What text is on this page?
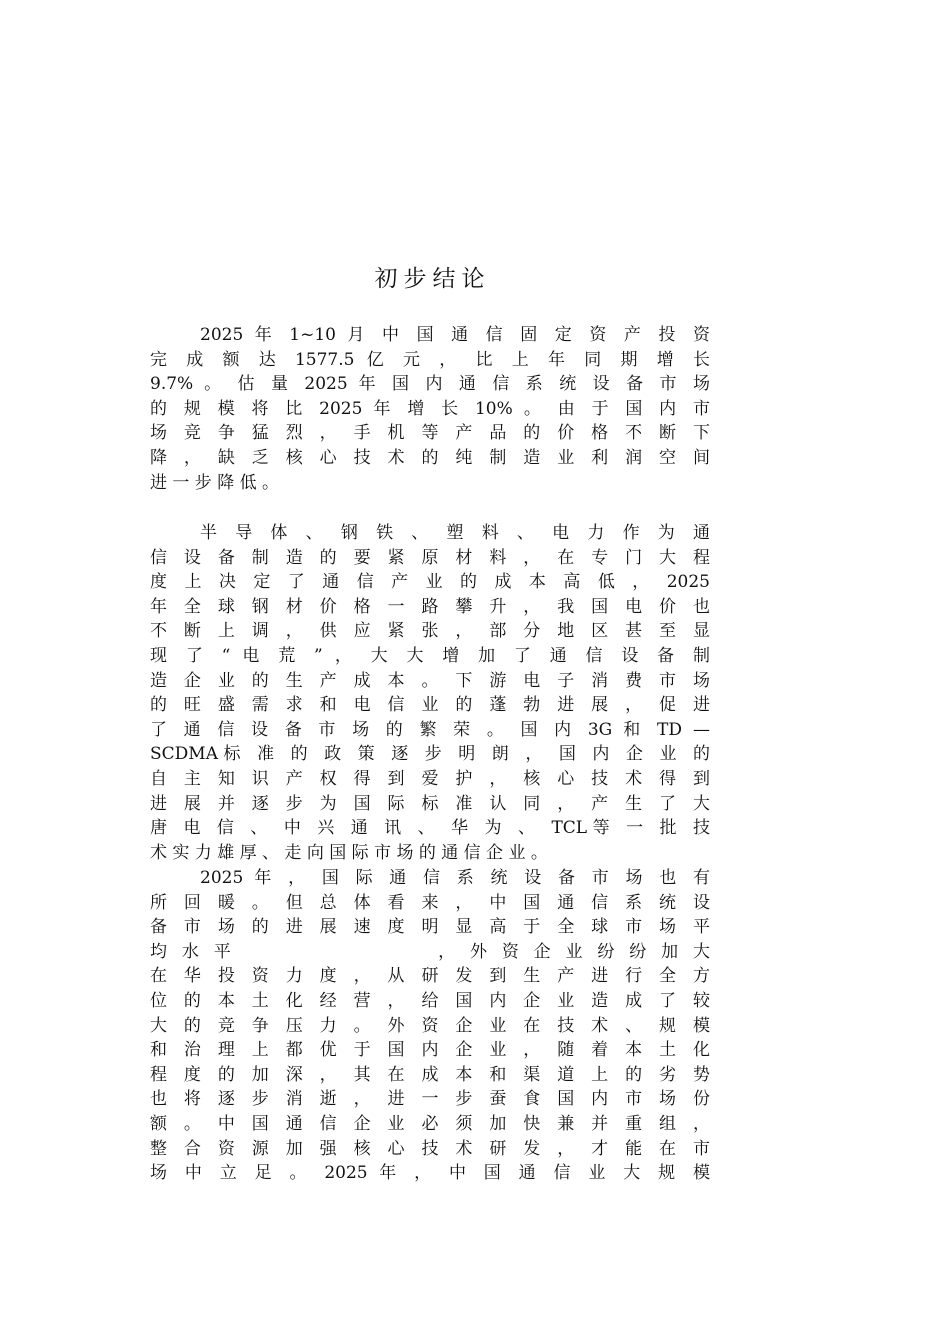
初步结论
2025 年 1~10 月 中 国 通 信 固 定 资 产 投 资
完 成 额 达 1577.5 亿 元 ， 比 上 年 同 期 增 长
9.7% 。 估 量 2025 年 国 内 通 信 系 统 设 备 市 场
的 规 模 将 比 2025 年 增 长 10% 。 由 于 国 内 市
场 竞 争 猛 烈 ， 手 机 等 产 品 的 价 格 不 断 下
降 ， 缺 乏 核 心 技 术 的 纯 制 造 业 利 润 空 间
进 一 步 降 低 。
半 导 体 、 钢 铁 、 塑 料 、 电 力 作 为 通
信 设 备 制 造 的 要 紧 原 材 料 ， 在 专 门 大 程
度 上 决 定 了 通 信 产 业 的 成 本 高 低 ， 2025
年 全 球 钢 材 价 格 一 路 攀 升 ， 我 国 电 价 也
不 断 上 调 ， 供 应 紧 张 ， 部 分 地 区 甚 至 显
现 了 “ 电 荒 ” ， 大 大 增 加 了 通 信 设 备 制
造 企 业 的 生 产 成 本 。 下 游 电 子 消 费 市 场
的 旺 盛 需 求 和 电 信 业 的 蓬 勃 进 展 ， 促 进
了 通 信 设 备 市 场 的 繁 荣 。 国 内 3G 和 TD —
SCDMA标 准 的 政 策 逐 步 明 朗 ， 国 内 企 业 的
自 主 知 识 产 权 得 到 爱 护 ， 核 心 技 术 得 到
进 展 并 逐 步 为 国 际 标 准 认 同 ， 产 生 了 大
唐 电 信 、 中 兴 通 讯 、 华 为 、 TCL等 一 批 技
术 实 力 雄 厚 、 走 向 国 际 市 场 的 通 信 企 业 。
2025 年 ， 国 际 通 信 系 统 设 备 市 场 也 有
所 回 暖 。 但 总 体 看 来 ， 中 国 通 信 系 统 设
备 市 场 的 进 展 速 度 明 显 高 于 全 球 市 场 平
均 水 平                    ， 外 资 企 业 纷 纷 加 大
在 华 投 资 力 度 ， 从 研 发 到 生 产 进 行 全 方
位 的 本 土 化 经 营 ， 给 国 内 企 业 造 成 了 较
大 的 竞 争 压 力 。 外 资 企 业 在 技 术 、 规 模
和 治 理 上 都 优 于 国 内 企 业 ， 随 着 本 土 化
程 度 的 加 深 ， 其 在 成 本 和 渠 道 上 的 劣 势
也 将 逐 步 消 逝 ， 进 一 步 蚕 食 国 内 市 场 份
额 。 中 国 通 信 企 业 必 须 加 快 兼 并 重 组 ，
整 合 资 源 加 强 核 心 技 术 研 发 ， 才 能 在 市
场 中 立 足 。 2025 年 ， 中 国 通 信 业 大 规 模
